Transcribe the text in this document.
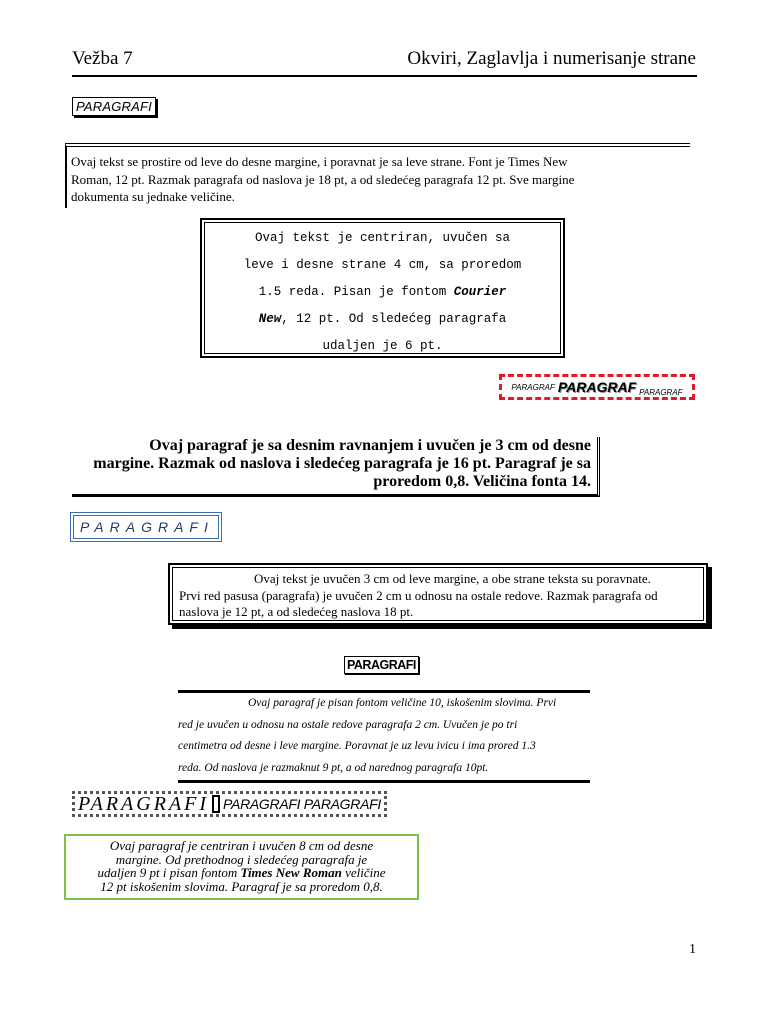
Vežba 7	Okviri, Zaglavlja i numerisanje strane
PARAGRAFI
Ovaj tekst se prostire od leve do desne margine, i poravnat je sa leve strane. Font je Times New
Roman, 12 pt. Razmak paragrafa od naslova je 18 pt, a od sledećeg paragrafa 12 pt. Sve margine
dokumenta su jednake veličine.
Ovaj tekst je centriran, uvučen sa
leve i desne strane 4 cm, sa proredom
1.5 reda. Pisan je fontom Courier
New, 12 pt. Od sledećeg paragrafa
udaljen je 6 pt.
PARAGRAF PARAGRAF PARAGRAF
Ovaj paragraf je sa desnim ravnanjem i uvučen je 3 cm od desne
margine. Razmak od naslova i sledećeg paragrafa je 16 pt. Paragraf je sa
proredom 0,8. Veličina fonta 14.
PARAGRAFI
Ovaj tekst je uvučen 3 cm od leve margine, a obe strane teksta su poravnate.
Prvi red pasusa (paragrafa) je uvučen 2 cm u odnosu na ostale redove. Razmak paragrafa od
naslova je 12 pt, a od sledećeg naslova 18 pt.
PARAGRAFI
Ovaj paragraf je pisan fontom veličine 10, iskošenim slovima. Prvi
red je uvučen u odnosu na ostale redove paragrafa 2 cm. Uvučen je po tri
centimetra od desne i leve margine. Poravnat je uz levu ivicu i ima prored 1.3
reda. Od naslova je razmaknut 9 pt, a od narednog paragrafa 10pt.
PARAGRAFI PARAGRAFI PARAGRAFI
Ovaj paragraf je centriran i uvučen 8 cm od desne
margine. Od prethodnog i sledećeg paragrafa je
udaljen 9 pt i pisan fontom Times New Roman veličine
12 pt iskošenim slovima. Paragraf je sa proredom 0,8.
1
